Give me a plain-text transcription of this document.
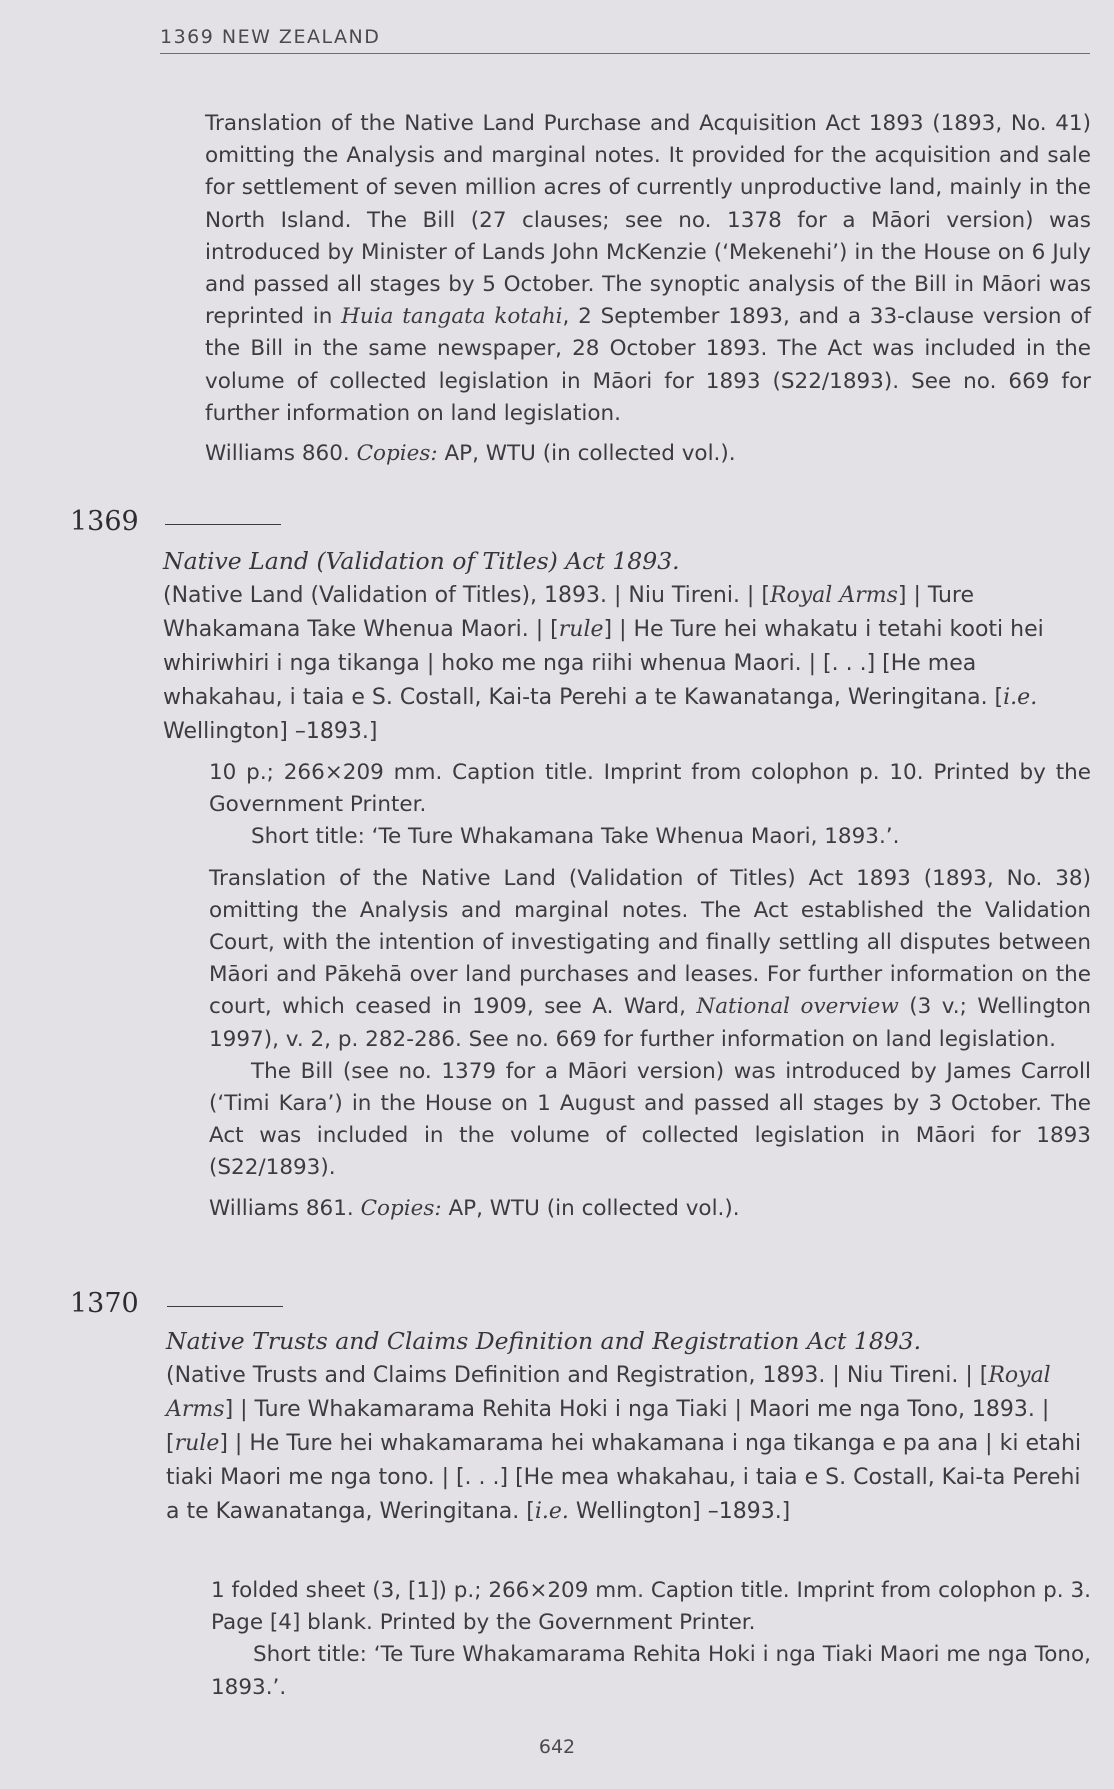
1369 NEW ZEALAND

Translation of the Native Land Purchase and Acquisition Act 1893 (1893, No. 41) omitting the Analysis and marginal notes. It provided for the acquisition and sale for settlement of seven million acres of currently unproductive land, mainly in the North Island. The Bill (27 clauses; see no. 1378 for a Māori version) was introduced by Minister of Lands John McKenzie (‘Mekenehi’) in the House on 6 July and passed all stages by 5 October. The synoptic analysis of the Bill in Māori was reprinted in Huia tangata kotahi, 2 September 1893, and a 33-clause version of the Bill in the same newspaper, 28 October 1893. The Act was included in the volume of collected legislation in Māori for 1893 (S22/1893). See no. 669 for further information on land legislation.

Williams 860. Copies: AP, WTU (in collected vol.).

1369

Native Land (Validation of Titles) Act 1893.

(Native Land (Validation of Titles), 1893. | Niu Tireni. | [Royal Arms] | Ture Whakamana Take Whenua Maori. | [rule] | He Ture hei whakatu i tetahi kooti hei whiriwhiri i nga tikanga | hoko me nga riihi whenua Maori. | [. . .] [He mea whakahau, i taia e S. Costall, Kai-ta Perehi a te Kawanatanga, Weringitana. [i.e. Wellington] –1893.]

10 p.; 266×209 mm. Caption title. Imprint from colophon p. 10. Printed by the Government Printer.

Short title: ‘Te Ture Whakamana Take Whenua Maori, 1893.’.

Translation of the Native Land (Validation of Titles) Act 1893 (1893, No. 38) omitting the Analysis and marginal notes. The Act established the Validation Court, with the intention of investigating and finally settling all disputes between Māori and Pākehā over land purchases and leases. For further information on the court, which ceased in 1909, see A. Ward, National overview (3 v.; Wellington 1997), v. 2, p. 282-286. See no. 669 for further information on land legislation.

The Bill (see no. 1379 for a Māori version) was introduced by James Carroll (‘Timi Kara’) in the House on 1 August and passed all stages by 3 October. The Act was included in the volume of collected legislation in Māori for 1893 (S22/1893).

Williams 861. Copies: AP, WTU (in collected vol.).

1370

Native Trusts and Claims Definition and Registration Act 1893.

(Native Trusts and Claims Definition and Registration, 1893. | Niu Tireni. | [Royal Arms] | Ture Whakamarama Rehita Hoki i nga Tiaki | Maori me nga Tono, 1893. | [rule] | He Ture hei whakamarama hei whakamana i nga tikanga e pa ana | ki etahi tiaki Maori me nga tono. | [. . .] [He mea whakahau, i taia e S. Costall, Kai-ta Perehi a te Kawanatanga, Weringitana. [i.e. Wellington] –1893.]

1 folded sheet (3, [1]) p.; 266×209 mm. Caption title. Imprint from colophon p. 3. Page [4] blank. Printed by the Government Printer.

Short title: ‘Te Ture Whakamarama Rehita Hoki i nga Tiaki Maori me nga Tono, 1893.’.

642
